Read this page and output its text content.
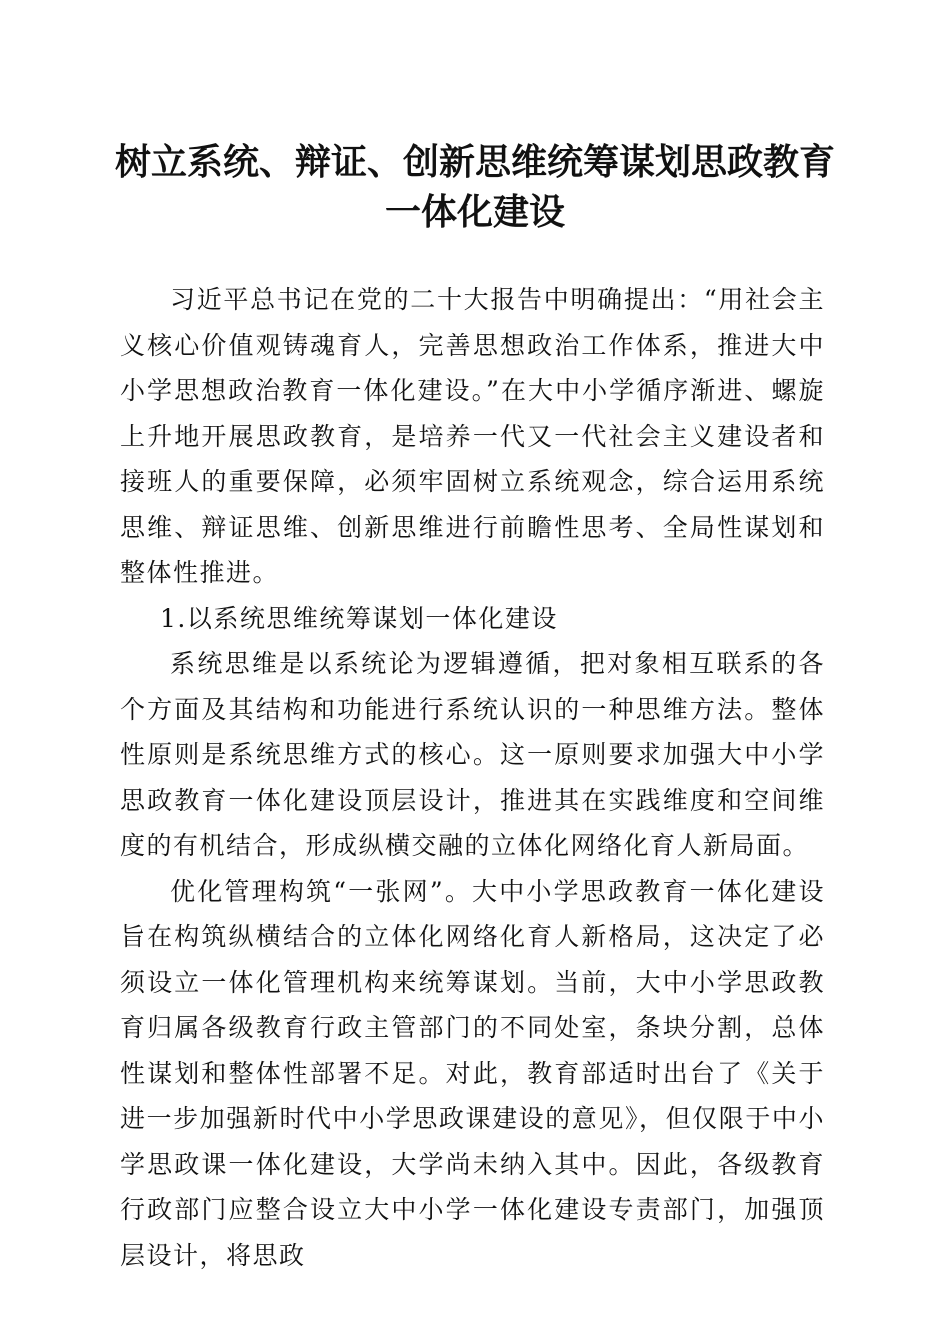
树立系统、辩证、创新思维统筹谋划思政教育一体化建设

习近平总书记在党的二十大报告中明确提出：“用社会主义核心价值观铸魂育人，完善思想政治工作体系，推进大中小学思想政治教育一体化建设。”在大中小学循序渐进、螺旋上升地开展思政教育，是培养一代又一代社会主义建设者和接班人的重要保障，必须牢固树立系统观念，综合运用系统思维、辩证思维、创新思维进行前瞻性思考、全局性谋划和整体性推进。

1.以系统思维统筹谋划一体化建设

系统思维是以系统论为逻辑遵循，把对象相互联系的各个方面及其结构和功能进行系统认识的一种思维方法。整体性原则是系统思维方式的核心。这一原则要求加强大中小学思政教育一体化建设顶层设计，推进其在实践维度和空间维度的有机结合，形成纵横交融的立体化网络化育人新局面。

优化管理构筑“一张网”。大中小学思政教育一体化建设旨在构筑纵横结合的立体化网络化育人新格局，这决定了必须设立一体化管理机构来统筹谋划。当前，大中小学思政教育归属各级教育行政主管部门的不同处室，条块分割，总体性谋划和整体性部署不足。对此，教育部适时出台了《关于进一步加强新时代中小学思政课建设的意见》，但仅限于中小学思政课一体化建设，大学尚未纳入其中。因此，各级教育行政部门应整合设立大中小学一体化建设专责部门，加强顶层设计，将思政
